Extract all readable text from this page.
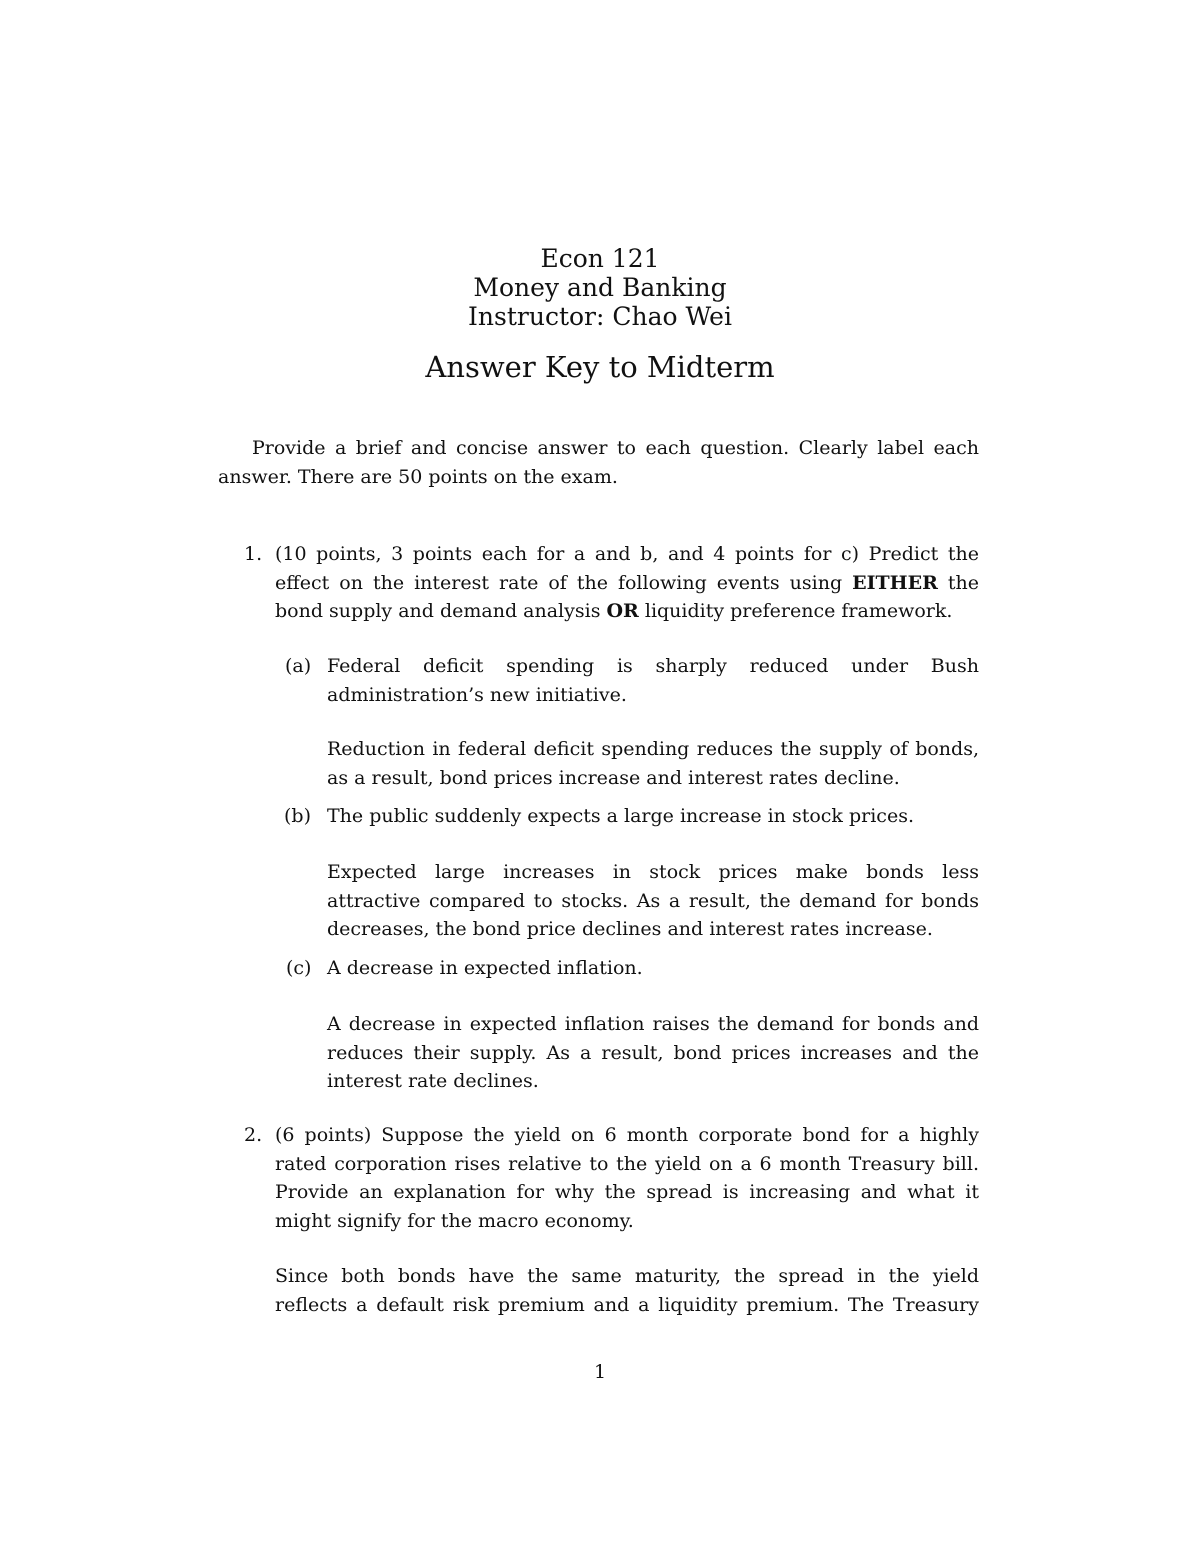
Econ 121
Money and Banking
Instructor: Chao Wei
Answer Key to Midterm

Provide a brief and concise answer to each question. Clearly label each answer. There are 50 points on the exam.

1. (10 points, 3 points each for a and b, and 4 points for c) Predict the effect on the interest rate of the following events using EITHER the bond supply and demand analysis OR liquidity preference framework.

(a) Federal deficit spending is sharply reduced under Bush administration’s new initiative.

Reduction in federal deficit spending reduces the supply of bonds, as a result, bond prices increase and interest rates decline.

(b) The public suddenly expects a large increase in stock prices.

Expected large increases in stock prices make bonds less attractive compared to stocks. As a result, the demand for bonds decreases, the bond price declines and interest rates increase.

(c) A decrease in expected inflation.

A decrease in expected inflation raises the demand for bonds and reduces their supply. As a result, bond prices increases and the interest rate declines.

2. (6 points) Suppose the yield on 6 month corporate bond for a highly rated corporation rises relative to the yield on a 6 month Treasury bill. Provide an explanation for why the spread is increasing and what it might signify for the macro economy.

Since both bonds have the same maturity, the spread in the yield reflects a default risk premium and a liquidity premium. The Treasury

1
